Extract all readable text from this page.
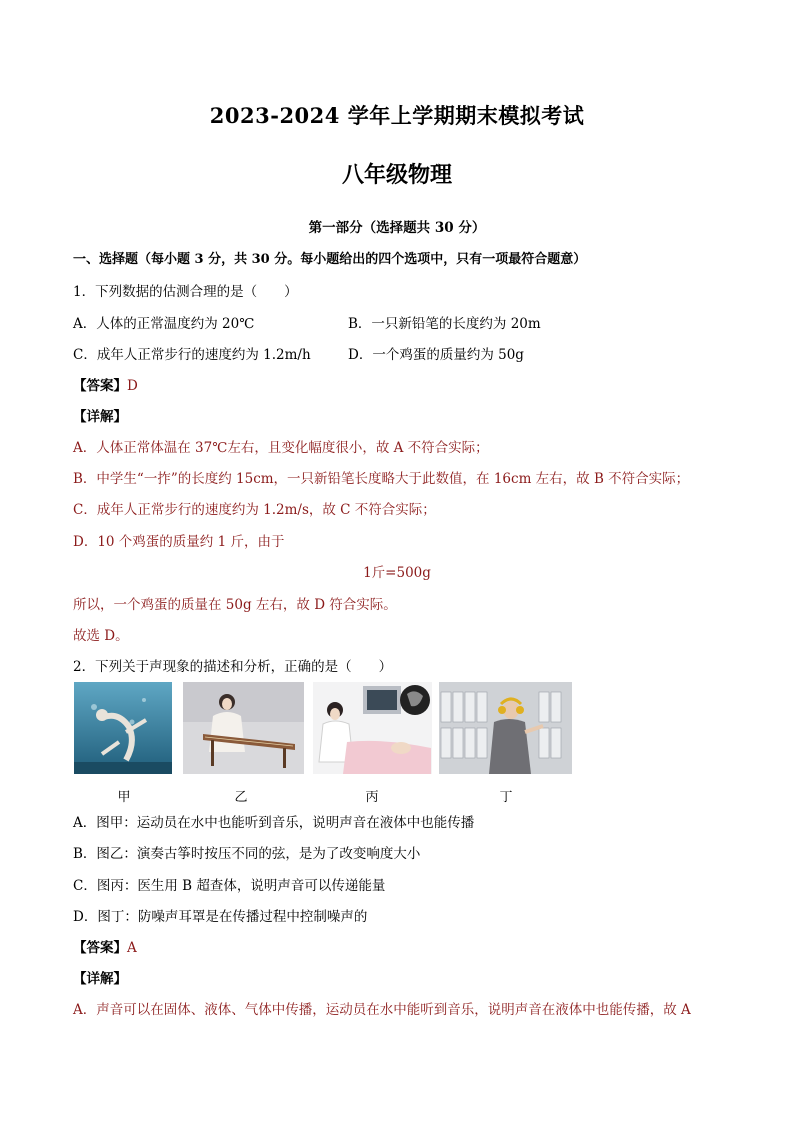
2023-2024 学年上学期期末模拟考试
八年级物理
第一部分（选择题共 30 分）
一、选择题（每小题 3 分，共 30 分。每小题给出的四个选项中，只有一项最符合题意）
1．下列数据的估测合理的是（　　）
A．人体的正常温度约为 20℃	B．一只新铅笔的长度约为 20m
C．成年人正常步行的速度约为 1.2m/h	D．一个鸡蛋的质量约为 50g
【答案】D
【详解】
A．人体正常体温在 37℃左右，且变化幅度很小，故 A 不符合实际；
B．中学生“一拃”的长度约 15cm，一只新铅笔长度略大于此数值，在 16cm 左右，故 B 不符合实际；
C．成年人正常步行的速度约为 1.2m/s，故 C 不符合实际；
D．10 个鸡蛋的质量约 1 斤，由于
1斤=500g
所以，一个鸡蛋的质量在 50g 左右，故 D 符合实际。
故选 D。
2．下列关于声现象的描述和分析，正确的是（　　）
甲	乙	丙	丁
A．图甲：运动员在水中也能听到音乐，说明声音在液体中也能传播
B．图乙：演奏古筝时按压不同的弦，是为了改变响度大小
C．图丙：医生用 B 超查体，说明声音可以传递能量
D．图丁：防噪声耳罩是在传播过程中控制噪声的
【答案】A
【详解】
A．声音可以在固体、液体、气体中传播，运动员在水中能听到音乐，说明声音在液体中也能传播，故 A
